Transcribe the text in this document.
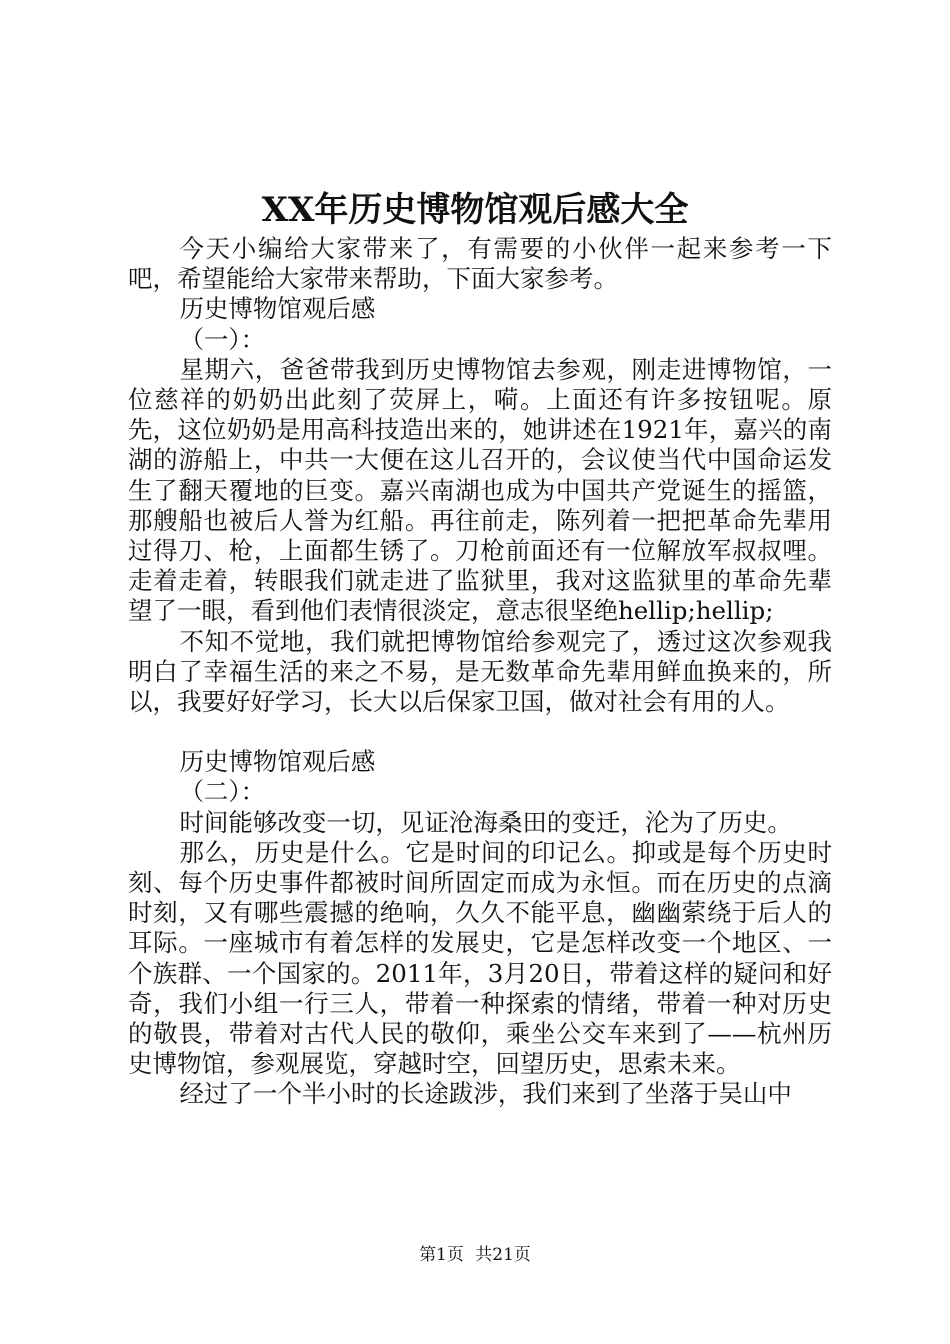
XX年历史博物馆观后感大全

今天小编给大家带来了，有需要的小伙伴一起来参考一下吧，希望能给大家带来帮助，下面大家参考。

历史博物馆观后感

（一）：

星期六，爸爸带我到历史博物馆去参观，刚走进博物馆，一位慈祥的奶奶出此刻了荧屏上，嗬。上面还有许多按钮呢。原先，这位奶奶是用高科技造出来的，她讲述在1921年，嘉兴的南湖的游船上，中共一大便在这儿召开的，会议使当代中国命运发生了翻天覆地的巨变。嘉兴南湖也成为中国共产党诞生的摇篮，那艘船也被后人誉为红船。再往前走，陈列着一把把革命先辈用过得刀、枪，上面都生锈了。刀枪前面还有一位解放军叔叔哩。走着走着，转眼我们就走进了监狱里，我对这监狱里的革命先辈望了一眼，看到他们表情很淡定，意志很坚绝hellip;hellip;

不知不觉地，我们就把博物馆给参观完了，透过这次参观我明白了幸福生活的来之不易，是无数革命先辈用鲜血换来的，所以，我要好好学习，长大以后保家卫国，做对社会有用的人。

历史博物馆观后感

（二）：

时间能够改变一切，见证沧海桑田的变迁，沦为了历史。

那么，历史是什么。它是时间的印记么。抑或是每个历史时刻、每个历史事件都被时间所固定而成为永恒。而在历史的点滴时刻，又有哪些震撼的绝响，久久不能平息，幽幽萦绕于后人的耳际。一座城市有着怎样的发展史，它是怎样改变一个地区、一个族群、一个国家的。2011年，3月20日，带着这样的疑问和好奇，我们小组一行三人，带着一种探索的情绪，带着一种对历史的敬畏，带着对古代人民的敬仰，乘坐公交车来到了——杭州历史博物馆，参观展览，穿越时空，回望历史，思索未来。

经过了一个半小时的长途跋涉，我们来到了坐落于吴山中

第1页 共21页
